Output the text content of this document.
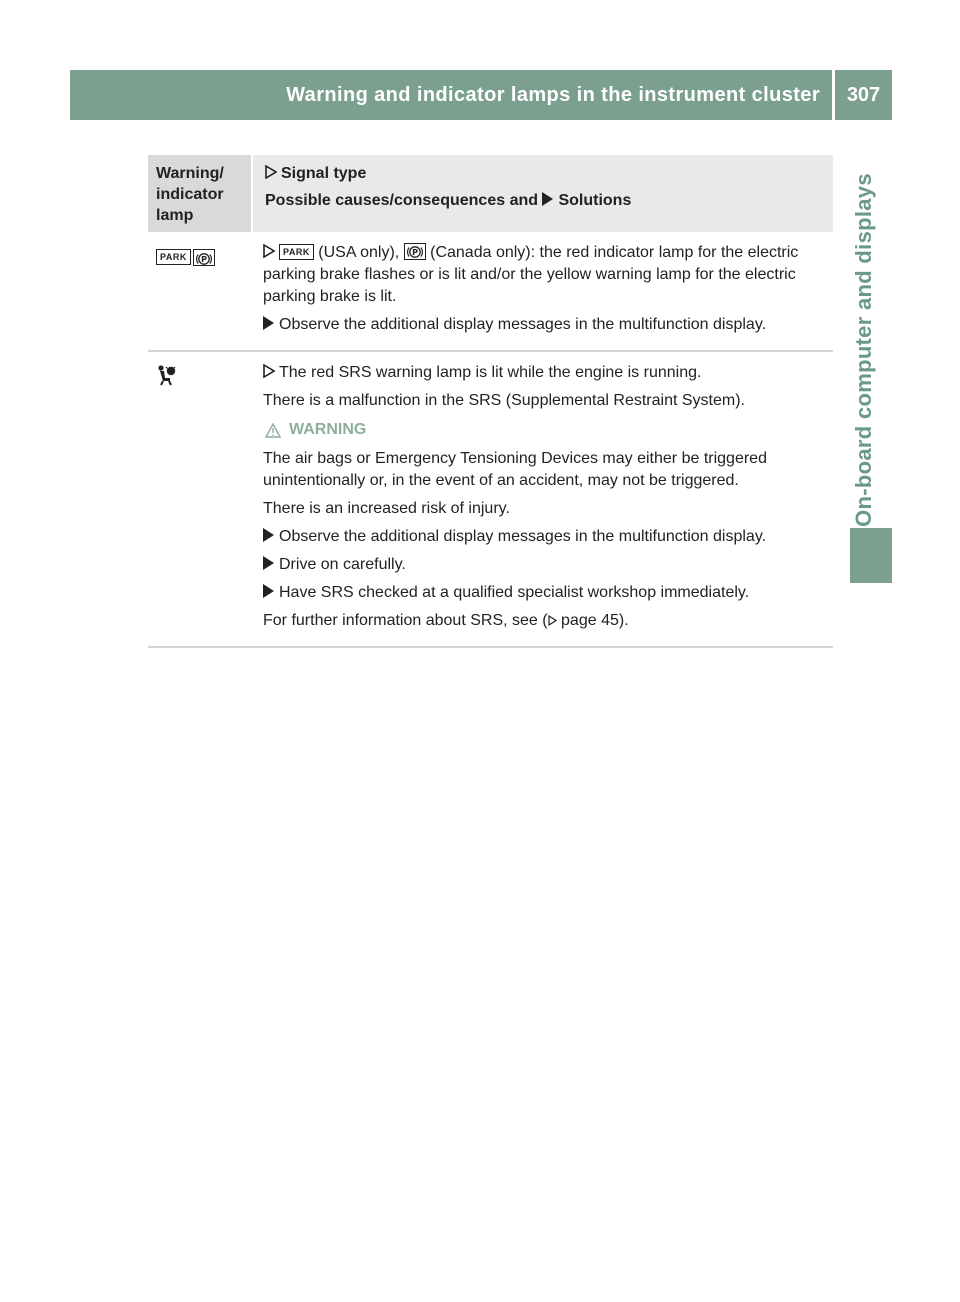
Warning and indicator lamps in the instrument cluster	307
On-board computer and displays
Warning/ indicator lamp

Signal type

Possible causes/consequences and Solutions

PARK	P

PARK (USA only), P (Canada only): the red indicator lamp for the electric parking brake flashes or is lit and/or the yellow warning lamp for the electric parking brake is lit.

Observe the additional display messages in the multifunction display.

The red SRS warning lamp is lit while the engine is running.

There is a malfunction in the SRS (Supplemental Restraint System).

WARNING

The air bags or Emergency Tensioning Devices may either be triggered unintentionally or, in the event of an accident, may not be triggered.

There is an increased risk of injury.

Observe the additional display messages in the multifunction display.

Drive on carefully.

Have SRS checked at a qualified specialist workshop immediately.

For further information about SRS, see ( page 45).
